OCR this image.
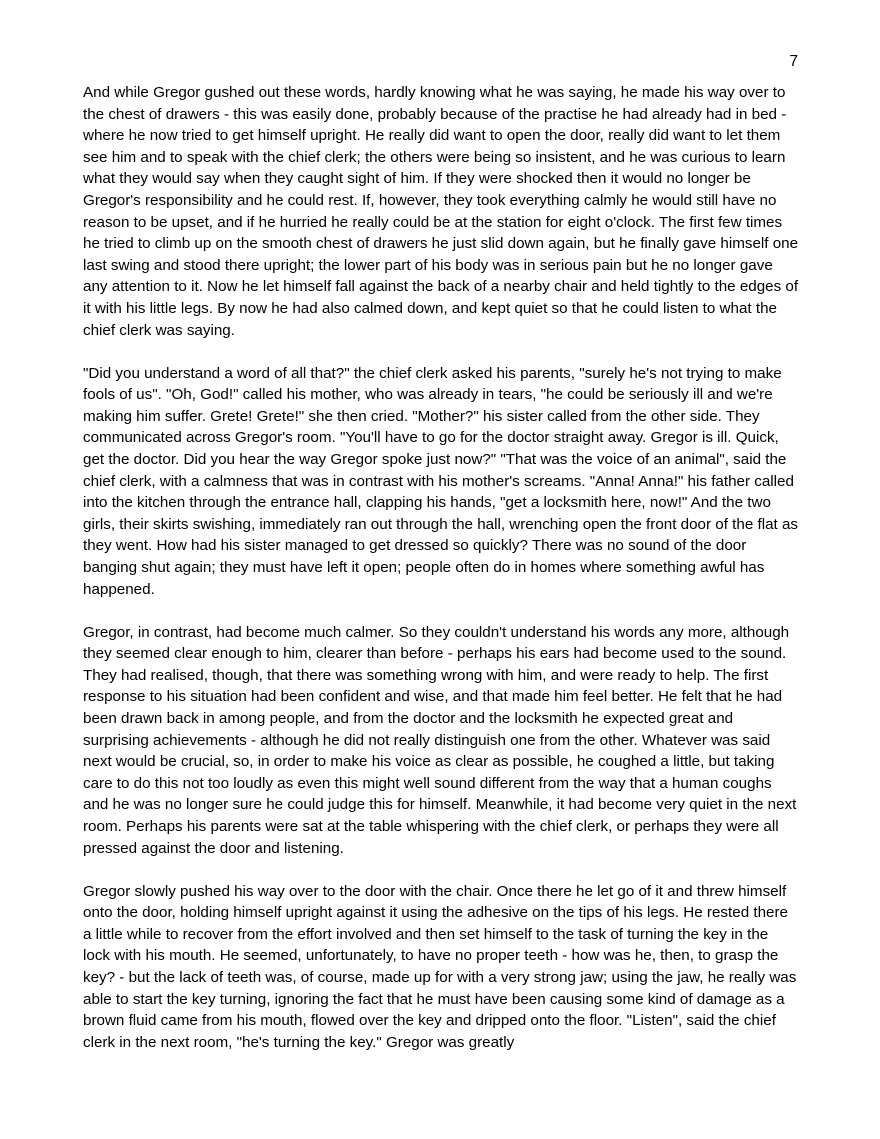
7

And while Gregor gushed out these words, hardly knowing what he was saying, he made his way over to the chest of drawers - this was easily done, probably because of the practise he had already had in bed - where he now tried to get himself upright. He really did want to open the door, really did want to let them see him and to speak with the chief clerk; the others were being so insistent, and he was curious to learn what they would say when they caught sight of him. If they were shocked then it would no longer be Gregor's responsibility and he could rest. If, however, they took everything calmly he would still have no reason to be upset, and if he hurried he really could be at the station for eight o'clock. The first few times he tried to climb up on the smooth chest of drawers he just slid down again, but he finally gave himself one last swing and stood there upright; the lower part of his body was in serious pain but he no longer gave any attention to it. Now he let himself fall against the back of a nearby chair and held tightly to the edges of it with his little legs. By now he had also calmed down, and kept quiet so that he could listen to what the chief clerk was saying.

"Did you understand a word of all that?" the chief clerk asked his parents, "surely he's not trying to make fools of us". "Oh, God!" called his mother, who was already in tears, "he could be seriously ill and we're making him suffer. Grete! Grete!" she then cried. "Mother?" his sister called from the other side. They communicated across Gregor's room. "You'll have to go for the doctor straight away. Gregor is ill. Quick, get the doctor. Did you hear the way Gregor spoke just now?" "That was the voice of an animal", said the chief clerk, with a calmness that was in contrast with his mother's screams. "Anna! Anna!" his father called into the kitchen through the entrance hall, clapping his hands, "get a locksmith here, now!" And the two girls, their skirts swishing, immediately ran out through the hall, wrenching open the front door of the flat as they went. How had his sister managed to get dressed so quickly? There was no sound of the door banging shut again; they must have left it open; people often do in homes where something awful has happened.

Gregor, in contrast, had become much calmer. So they couldn't understand his words any more, although they seemed clear enough to him, clearer than before - perhaps his ears had become used to the sound. They had realised, though, that there was something wrong with him, and were ready to help. The first response to his situation had been confident and wise, and that made him feel better. He felt that he had been drawn back in among people, and from the doctor and the locksmith he expected great and surprising achievements - although he did not really distinguish one from the other. Whatever was said next would be crucial, so, in order to make his voice as clear as possible, he coughed a little, but taking care to do this not too loudly as even this might well sound different from the way that a human coughs and he was no longer sure he could judge this for himself. Meanwhile, it had become very quiet in the next room. Perhaps his parents were sat at the table whispering with the chief clerk, or perhaps they were all pressed against the door and listening.

Gregor slowly pushed his way over to the door with the chair. Once there he let go of it and threw himself onto the door, holding himself upright against it using the adhesive on the tips of his legs. He rested there a little while to recover from the effort involved and then set himself to the task of turning the key in the lock with his mouth. He seemed, unfortunately, to have no proper teeth - how was he, then, to grasp the key? - but the lack of teeth was, of course, made up for with a very strong jaw; using the jaw, he really was able to start the key turning, ignoring the fact that he must have been causing some kind of damage as a brown fluid came from his mouth, flowed over the key and dripped onto the floor. "Listen", said the chief clerk in the next room, "he's turning the key." Gregor was greatly
